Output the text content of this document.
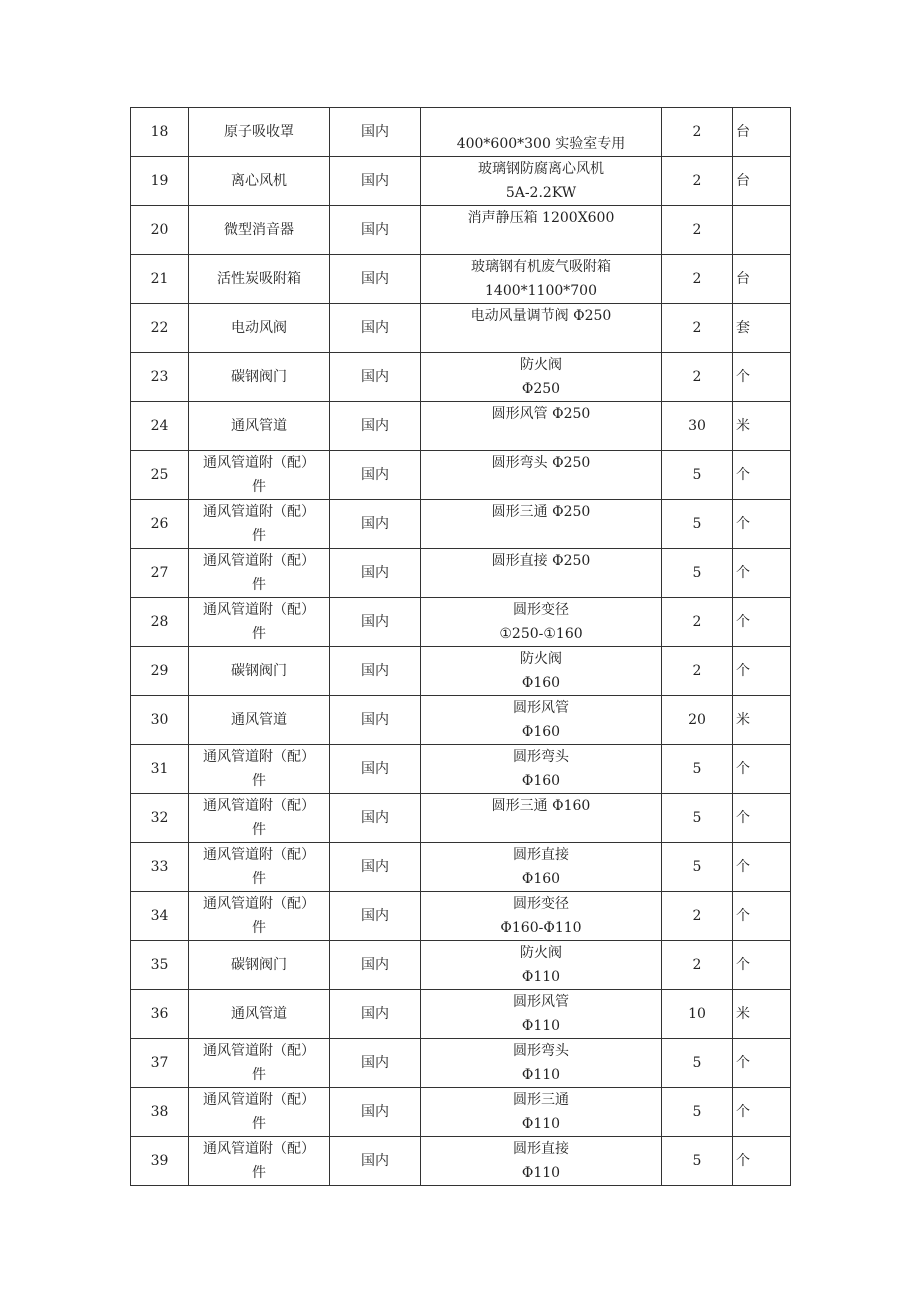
18	原子吸收罩	国内	400*600*300 实验室专用	2	台
19	离心风机	国内	玻璃钢防腐离心风机
5A-2.2KW	2	台
20	微型消音器	国内	消声静压箱 1200X600	2	
21	活性炭吸附箱	国内	玻璃钢有机废气吸附箱
1400*1100*700	2	台
22	电动风阀	国内	电动风量调节阀 Φ250	2	套
23	碳钢阀门	国内	防火阀
Φ250	2	个
24	通风管道	国内	圆形风管 Φ250	30	米
25	通风管道附（配）
件	国内	圆形弯头 Φ250	5	个
26	通风管道附（配）
件	国内	圆形三通 Φ250	5	个
27	通风管道附（配）
件	国内	圆形直接 Φ250	5	个
28	通风管道附（配）
件	国内	圆形变径
①250-①160	2	个
29	碳钢阀门	国内	防火阀
Φ160	2	个
30	通风管道	国内	圆形风管
Φ160	20	米
31	通风管道附（配）
件	国内	圆形弯头
Φ160	5	个
32	通风管道附（配）
件	国内	圆形三通 Φ160	5	个
33	通风管道附（配）
件	国内	圆形直接
Φ160	5	个
34	通风管道附（配）
件	国内	圆形变径
Φ160-Φ110	2	个
35	碳钢阀门	国内	防火阀
Φ110	2	个
36	通风管道	国内	圆形风管
Φ110	10	米
37	通风管道附（配）
件	国内	圆形弯头
Φ110	5	个
38	通风管道附（配）
件	国内	圆形三通
Φ110	5	个
39	通风管道附（配）
件	国内	圆形直接
Φ110	5	个
